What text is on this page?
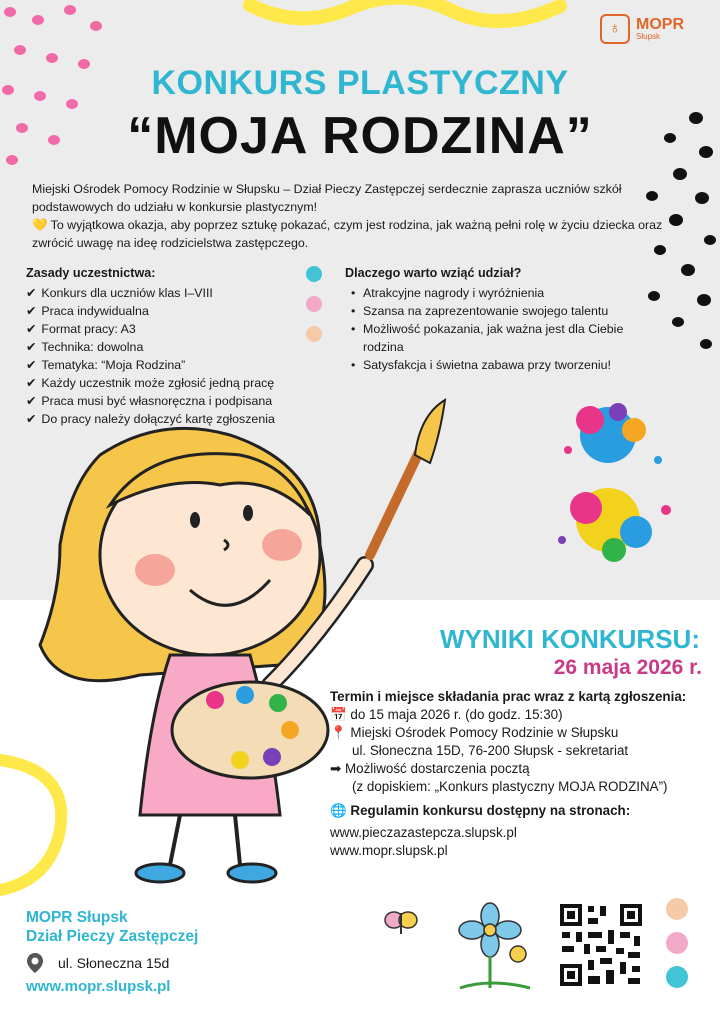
♁ MOPR
Słupsk
KONKURS PLASTYCZNY
“MOJA RODZINA”
Miejski Ośrodek Pomocy Rodzinie w Słupsku – Dział Pieczy Zastępczej serdecznie zaprasza uczniów szkół podstawowych do udziału w konkursie plastycznym!
💛 To wyjątkowa okazja, aby poprzez sztukę pokazać, czym jest rodzina, jak ważną pełni rolę w życiu dziecka oraz zwrócić uwagę na ideę rodzicielstwa zastępczego.
Zasady uczestnictwa:
✔ Konkurs dla uczniów klas I–VIII
✔ Praca indywidualna
✔ Format pracy: A3
✔ Technika: dowolna
✔ Tematyka: “Moja Rodzina”
✔ Każdy uczestnik może zgłosić jedną pracę
✔ Praca musi być własnoręczna i podpisana
✔ Do pracy należy dołączyć kartę zgłoszenia
Dlaczego warto wziąć udział?
• Atrakcyjne nagrody i wyróżnienia
• Szansa na zaprezentowanie swojego talentu
• Możliwość pokazania, jak ważna jest dla Ciebie rodzina
• Satysfakcja i świetna zabawa przy tworzeniu!
WYNIKI KONKURSU:
26 maja 2026 r.
Termin i miejsce składania prac wraz z kartą zgłoszenia:
📅 do 15 maja 2026 r. (do godz. 15:30)
📍 Miejski Ośrodek Pomocy Rodzinie w Słupsku
ul. Słoneczna 15D, 76-200 Słupsk - sekretariat
➡ Możliwość dostarczenia pocztą
(z dopiskiem: „Konkurs plastyczny MOJA RODZINA”)
🌐 Regulamin konkursu dostępny na stronach:
www.pieczazastepcza.slupsk.pl
www.mopr.slupsk.pl
MOPR Słupsk
Dział Pieczy Zastępczej
ul. Słoneczna 15d
www.mopr.slupsk.pl
